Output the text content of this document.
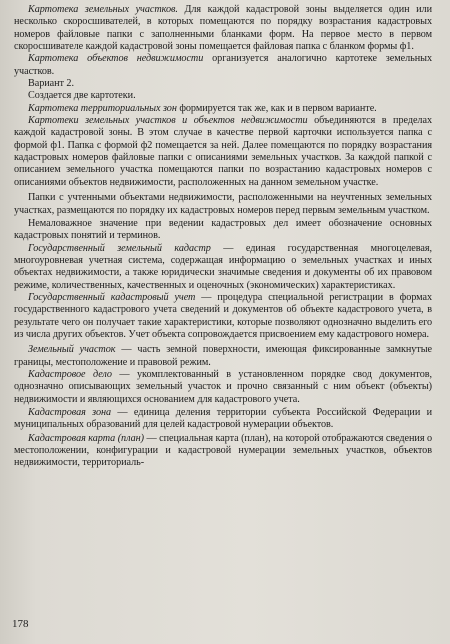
Картотека земельных участков. Для каждой кадастровой зоны выделяется один или несколько скоросшивателей, в которых помещаются по порядку возрастания кадастровых номеров файловые папки с заполненными бланками форм. На первое место в первом скоросшивателе каждой кадастровой зоны помещается файловая папка с бланком формы ф1.

Картотека объектов недвижимости организуется аналогично картотеке земельных участков.

Вариант 2.

Создается две картотеки.

Картотека территориальных зон формируется так же, как и в первом варианте.

Картотеки земельных участков и объектов недвижимости объединяются в пределах каждой кадастровой зоны. В этом случае в качестве первой карточки используется папка с формой ф1. Папка с формой ф2 помещается за ней. Далее помещаются по порядку возрастания кадастровых номеров файловые папки с описаниями земельных участков. За каждой папкой с описанием земельного участка помещаются папки по возрастанию кадастровых номеров с описаниями объектов недвижимости, расположенных на данном земельном участке.

Папки с учтенными объектами недвижимости, расположенными на неучтенных земельных участках, размещаются по порядку их кадастровых номеров перед первым земельным участком.

Немаловажное значение при ведении кадастровых дел имеет обозначение основных кадастровых понятий и терминов.

Государственный земельный кадастр — единая государственная многоцелевая, многоуровневая учетная система, содержащая информацию о земельных участках и иных объектах недвижимости, а также юридически значимые сведения и документы об их правовом режиме, количественных, качественных и оценочных (экономических) характеристиках.

Государственный кадастровый учет — процедура специальной регистрации в формах государственного кадастрового учета сведений и документов об объекте кадастрового учета, в результате чего он получает такие характеристики, которые позволяют однозначно выделить его из числа других объектов. Учет объекта сопровождается присвоением ему кадастрового номера.

Земельный участок — часть земной поверхности, имеющая фиксированные замкнутые границы, местоположение и правовой режим.

Кадастровое дело — укомплектованный в установленном порядке свод документов, однозначно описывающих земельный участок и прочно связанный с ним объект (объекты) недвижимости и являющихся основанием для кадастрового учета.

Кадастровая зона — единица деления территории субъекта Российской Федерации и муниципальных образований для целей кадастровой нумерации объектов.

Кадастровая карта (план) — специальная карта (план), на которой отображаются сведения о местоположении, конфигурации и кадастровой нумерации земельных участков, объектов недвижимости, территориаль-

178
